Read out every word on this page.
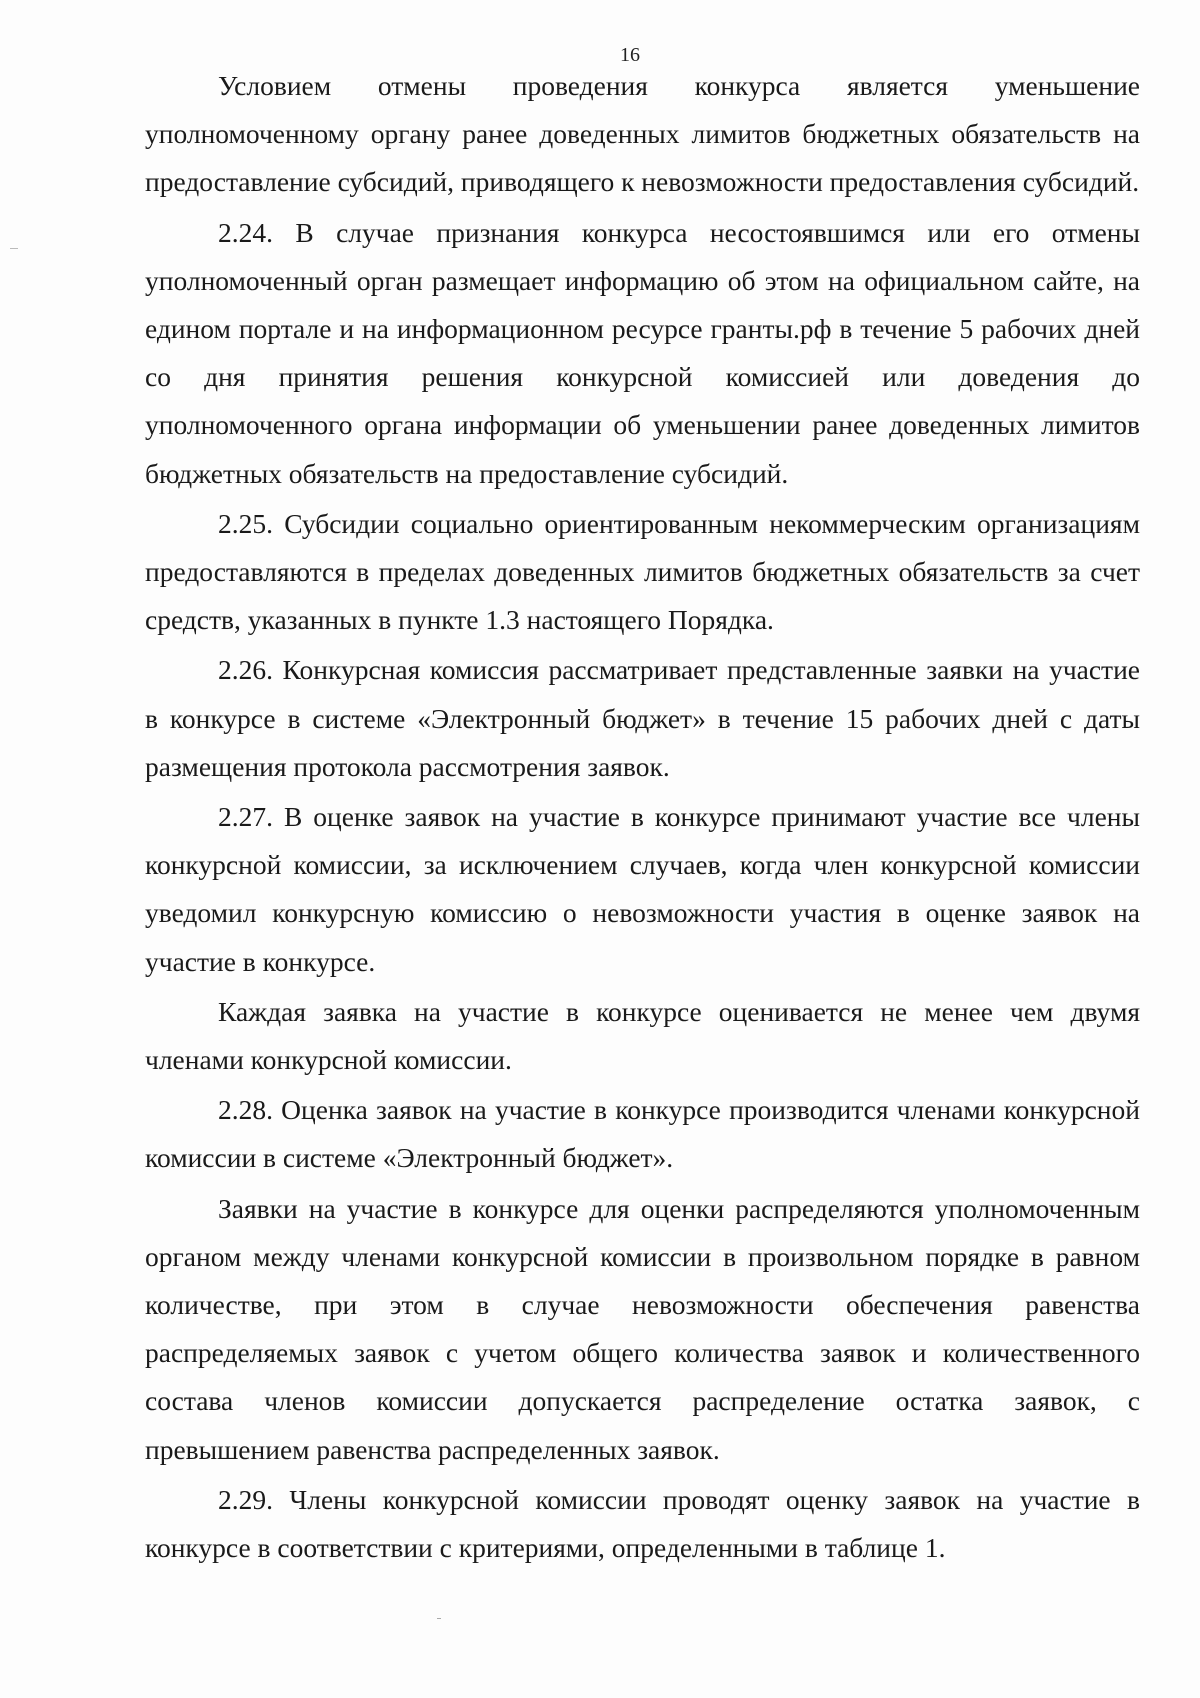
16

Условием отмены проведения конкурса является уменьшение уполномоченному органу ранее доведенных лимитов бюджетных обязательств на предоставление субсидий, приводящего к невозможности предоставления субсидий.

2.24. В случае признания конкурса несостоявшимся или его отмены уполномоченный орган размещает информацию об этом на официальном сайте, на едином портале и на информационном ресурсе гранты.рф в течение 5 рабочих дней со дня принятия решения конкурсной комиссией или доведения до уполномоченного органа информации об уменьшении ранее доведенных лимитов бюджетных обязательств на предоставление субсидий.

2.25. Субсидии социально ориентированным некоммерческим организациям предоставляются в пределах доведенных лимитов бюджетных обязательств за счет средств, указанных в пункте 1.3 настоящего Порядка.

2.26. Конкурсная комиссия рассматривает представленные заявки на участие в конкурсе в системе «Электронный бюджет» в течение 15 рабочих дней с даты размещения протокола рассмотрения заявок.

2.27. В оценке заявок на участие в конкурсе принимают участие все члены конкурсной комиссии, за исключением случаев, когда член конкурсной комиссии уведомил конкурсную комиссию о невозможности участия в оценке заявок на участие в конкурсе.

Каждая заявка на участие в конкурсе оценивается не менее чем двумя членами конкурсной комиссии.

2.28. Оценка заявок на участие в конкурсе производится членами конкурсной комиссии в системе «Электронный бюджет».

Заявки на участие в конкурсе для оценки распределяются уполномоченным органом между членами конкурсной комиссии в произвольном порядке в равном количестве, при этом в случае невозможности обеспечения равенства распределяемых заявок с учетом общего количества заявок и количественного состава членов комиссии допускается распределение остатка заявок, с превышением равенства распределенных заявок.

2.29. Члены конкурсной комиссии проводят оценку заявок на участие в конкурсе в соответствии с критериями, определенными в таблице 1.
